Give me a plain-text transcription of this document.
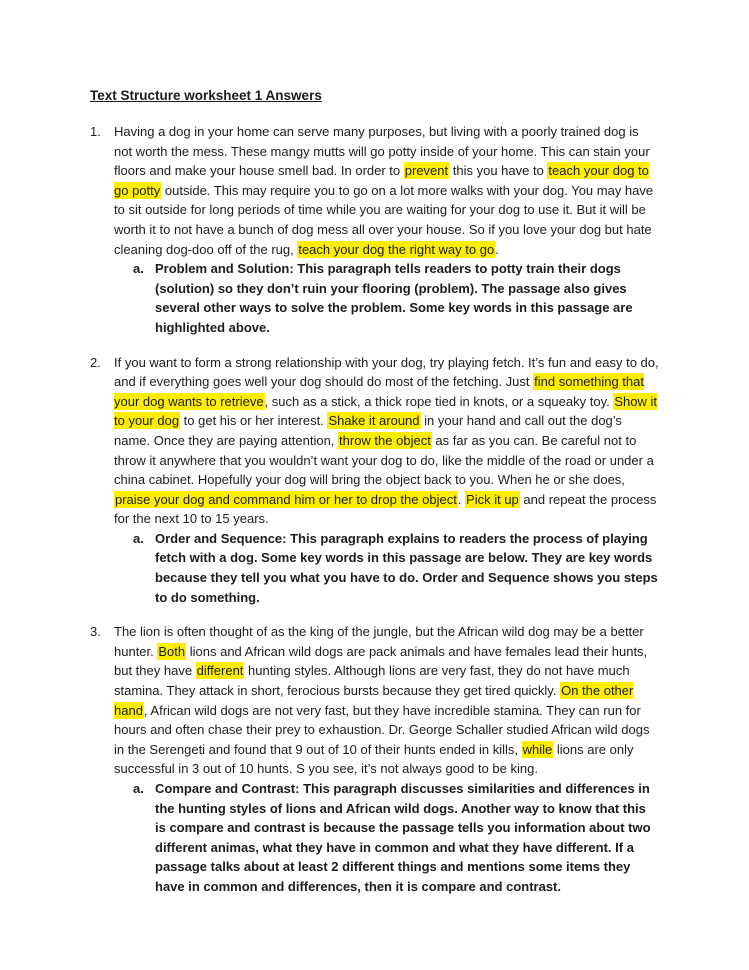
Text Structure worksheet 1 Answers
1.	Having a dog in your home can serve many purposes, but living with a poorly trained dog is not worth the mess. These mangy mutts will go potty inside of your home. This can stain your floors and make your house smell bad. In order to prevent this you have to teach your dog to go potty outside. This may require you to go on a lot more walks with your dog. You may have to sit outside for long periods of time while you are waiting for your dog to use it. But it will be worth it to not have a bunch of dog mess all over your house. So if you love your dog but hate cleaning dog-doo off of the rug, teach your dog the right way to go.
a. Problem and Solution: This paragraph tells readers to potty train their dogs (solution) so they don’t ruin your flooring (problem). The passage also gives several other ways to solve the problem. Some key words in this passage are highlighted above.
2.	If you want to form a strong relationship with your dog, try playing fetch. It’s fun and easy to do, and if everything goes well your dog should do most of the fetching. Just find something that your dog wants to retrieve, such as a stick, a thick rope tied in knots, or a squeaky toy. Show it to your dog to get his or her interest. Shake it around in your hand and call out the dog’s name. Once they are paying attention, throw the object as far as you can. Be careful not to throw it anywhere that you wouldn’t want your dog to do, like the middle of the road or under a china cabinet. Hopefully your dog will bring the object back to you. When he or she does, praise your dog and command him or her to drop the object. Pick it up and repeat the process for the next 10 to 15 years.
a. Order and Sequence: This paragraph explains to readers the process of playing fetch with a dog. Some key words in this passage are below. They are key words because they tell you what you have to do. Order and Sequence shows you steps to do something.
3.	The lion is often thought of as the king of the jungle, but the African wild dog may be a better hunter. Both lions and African wild dogs are pack animals and have females lead their hunts, but they have different hunting styles. Although lions are very fast, they do not have much stamina. They attack in short, ferocious bursts because they get tired quickly. On the other hand, African wild dogs are not very fast, but they have incredible stamina. They can run for hours and often chase their prey to exhaustion. Dr. George Schaller studied African wild dogs in the Serengeti and found that 9 out of 10 of their hunts ended in kills, while lions are only successful in 3 out of 10 hunts. S you see, it’s not always good to be king.
a. Compare and Contrast: This paragraph discusses similarities and differences in the hunting styles of lions and African wild dogs. Another way to know that this is compare and contrast is because the passage tells you information about two different animas, what they have in common and what they have different. If a passage talks about at least 2 different things and mentions some items they have in common and differences, then it is compare and contrast.
